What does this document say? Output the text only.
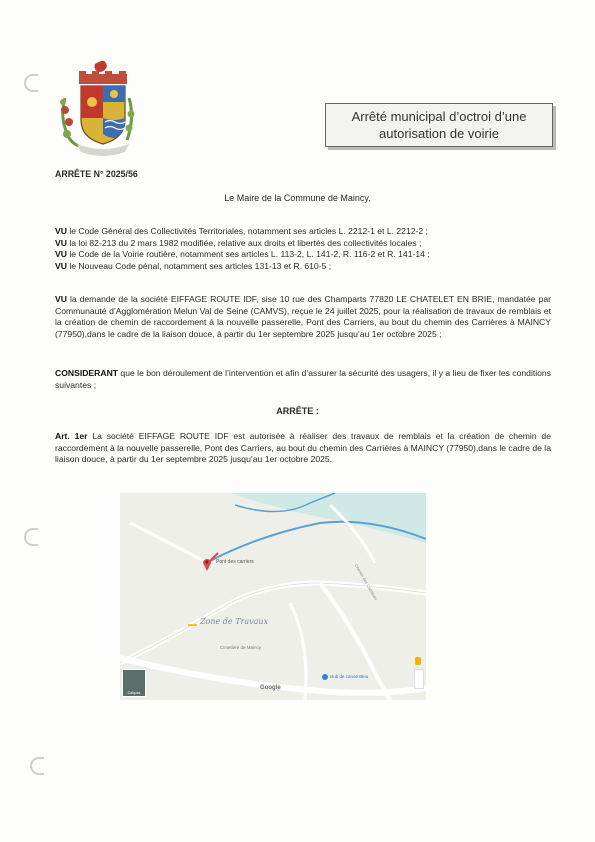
Arrêté municipal d’octroi d’une
autorisation de voirie
ARRÊTE N° 2025/56
Le Maire de la Commune de Maincy,
VU le Code Général des Collectivités Territoriales, notamment ses articles L. 2212-1 et L. 2212-2 ;
VU la loi 82-213 du 2 mars 1982 modifiée, relative aux droits et libertés des collectivités locales ;
VU le Code de la Voirie routière, notamment ses articles L. 113-2, L. 141-2, R. 116-2 et R. 141-14 ;
VU le Nouveau Code pénal, notamment ses articles 131-13 et R. 610-5 ;
VU la demande de la société EIFFAGE ROUTE IDF, sise 10 rue des Champarts 77820 LE CHATELET EN BRIE, mandatée par Communauté d’Agglomération Melun Val de Seine (CAMVS), reçue le 24 juillet 2025, pour la réalisation de travaux de remblais et la création de chemin de raccordement à la nouvelle passerelle, Pont des Carriers, au bout du chemin des Carrières à MAINCY (77950),dans le cadre de la liaison douce, à partir du 1er septembre 2025 jusqu’au 1er octobre 2025 ;
CONSIDERANT que le bon déroulement de l’intervention et afin d’assurer la sécurité des usagers, il y a lieu de fixer les conditions suivantes ;
ARRÊTE :
Art. 1er La société EIFFAGE ROUTE IDF est autorisée à réaliser des travaux de remblais et la création de chemin de raccordement à la nouvelle passerelle, Pont des Carriers, au bout du chemin des Carrières à MAINCY (77950),dans le cadre de la liaison douce, à partir du 1er septembre 2025 jusqu’au 1er octobre 2025.
Pont des carriers
Zone de Travaux
Cimetière de Maincy
club de canoë Bleu
Chemin des Carrières
Google
Calques
